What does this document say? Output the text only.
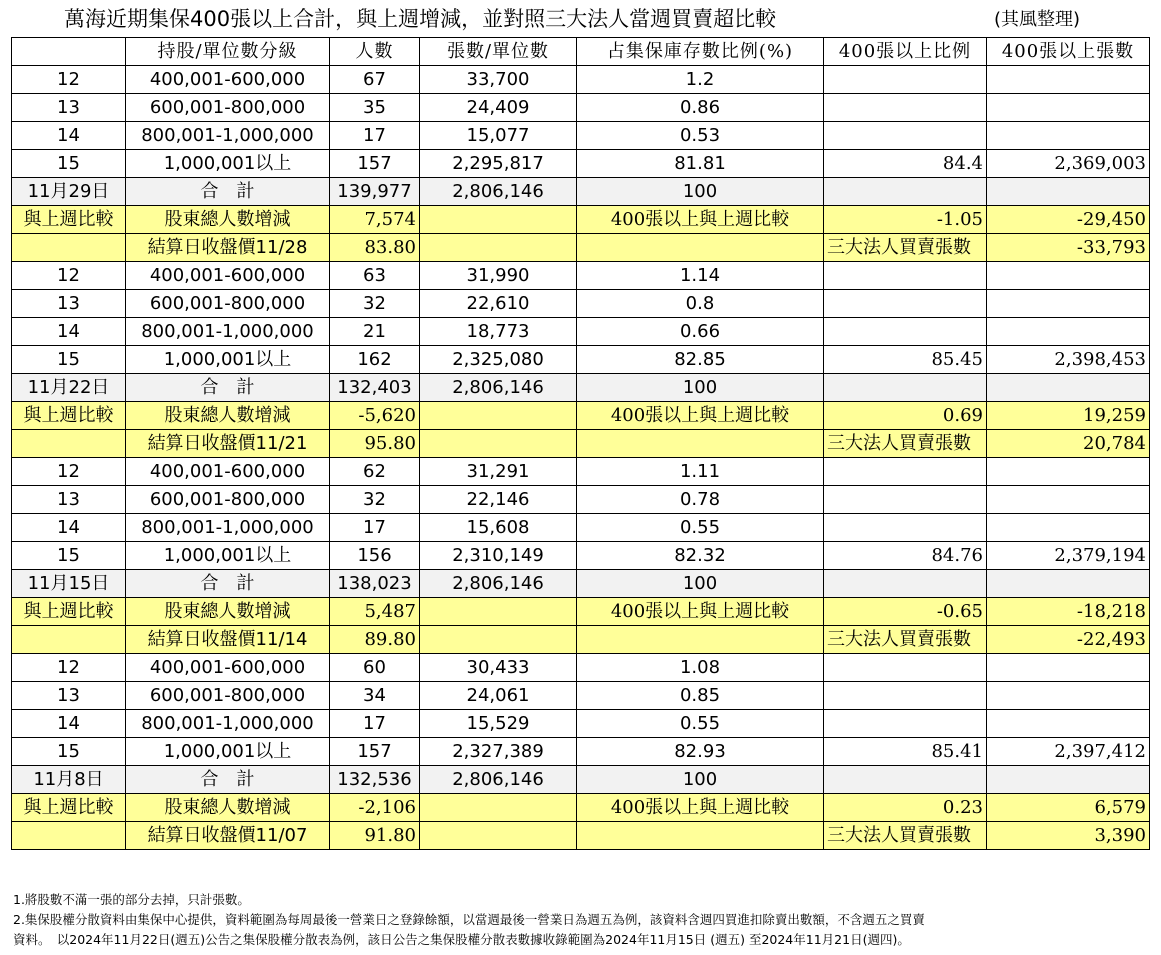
萬海近期集保400張以上合計，與上週增減，並對照三大法人當週買賣超比較	(其風整理)
	持股/單位數分級	人數	張數/單位數	占集保庫存數比例(%)	400張以上比例	400張以上張數
12	400,001-600,000	67	33,700	1.2		
13	600,001-800,000	35	24,409	0.86		
14	800,001-1,000,000	17	15,077	0.53		
15	1,000,001以上	157	2,295,817	81.81	84.4	2,369,003
11月29日	合　計	139,977	2,806,146	100		
與上週比較	股東總人數增減	7,574		400張以上與上週比較	-1.05	-29,450
	結算日收盤價11/28	83.80			三大法人買賣張數	-33,793
12	400,001-600,000	63	31,990	1.14		
13	600,001-800,000	32	22,610	0.8		
14	800,001-1,000,000	21	18,773	0.66		
15	1,000,001以上	162	2,325,080	82.85	85.45	2,398,453
11月22日	合　計	132,403	2,806,146	100		
與上週比較	股東總人數增減	-5,620		400張以上與上週比較	0.69	19,259
	結算日收盤價11/21	95.80			三大法人買賣張數	20,784
12	400,001-600,000	62	31,291	1.11		
13	600,001-800,000	32	22,146	0.78		
14	800,001-1,000,000	17	15,608	0.55		
15	1,000,001以上	156	2,310,149	82.32	84.76	2,379,194
11月15日	合　計	138,023	2,806,146	100		
與上週比較	股東總人數增減	5,487		400張以上與上週比較	-0.65	-18,218
	結算日收盤價11/14	89.80			三大法人買賣張數	-22,493
12	400,001-600,000	60	30,433	1.08		
13	600,001-800,000	34	24,061	0.85		
14	800,001-1,000,000	17	15,529	0.55		
15	1,000,001以上	157	2,327,389	82.93	85.41	2,397,412
11月8日	合　計	132,536	2,806,146	100		
與上週比較	股東總人數增減	-2,106		400張以上與上週比較	0.23	6,579
	結算日收盤價11/07	91.80			三大法人買賣張數	3,390
1.將股數不滿一張的部分去掉，只計張數。
2.集保股權分散資料由集保中心提供，資料範圍為每周最後一營業日之登錄餘額，以當週最後一營業日為週五為例，該資料含週四買進扣除賣出數額，不含週五之買賣
資料。　以2024年11月22日(週五)公告之集保股權分散表為例，該日公告之集保股權分散表數據收錄範圍為2024年11月15日 (週五) 至2024年11月21日(週四)。
